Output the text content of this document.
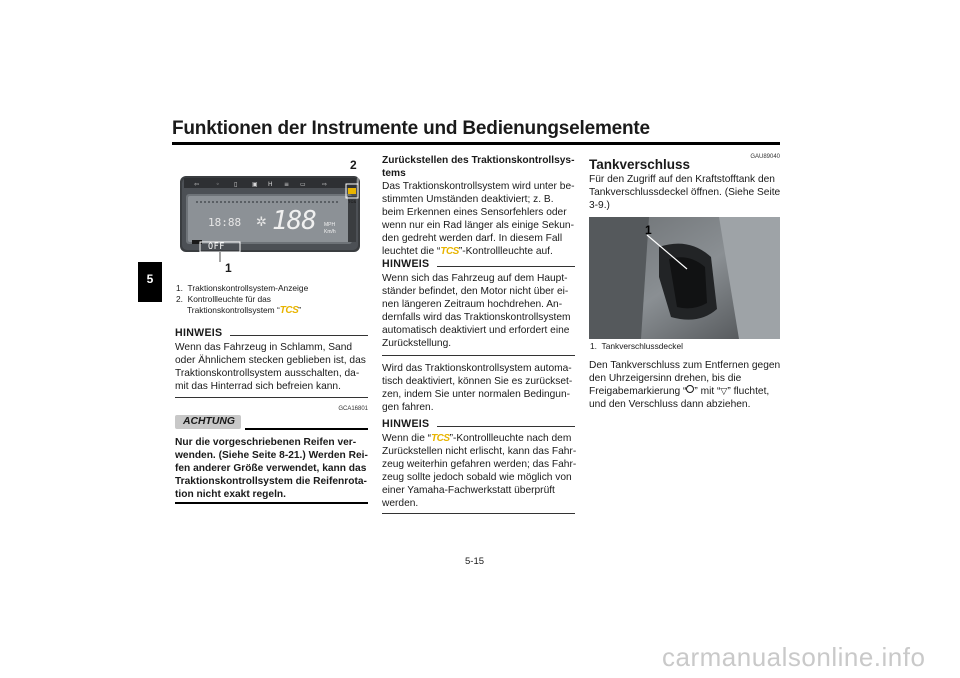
Funktionen der Instrumente und Bedienungselemente
5
⇦	◦ ▯ ▣ H ≡ ▭	⇨
18:88 ✲ 188 MPH
Km/h
TCS
OFF
2
1
1. Traktionskontrollsystem-Anzeige
2. Kontrollleuchte für das
Traktionskontrollsystem “TCS”
HINWEIS
Wenn das Fahrzeug in Schlamm, Sand
oder Ähnlichem stecken geblieben ist, das
Traktionskontrollsystem ausschalten, da-
mit das Hinterrad sich befreien kann.
GCA16801
ACHTUNG
Nur die vorgeschriebenen Reifen ver-
wenden. (Siehe Seite 8-21.) Werden Rei-
fen anderer Größe verwendet, kann das
Traktionskontrollsystem die Reifenrota-
tion nicht exakt regeln.
Zurückstellen des Traktionskontrollsys-
tems
Das Traktionskontrollsystem wird unter be-
stimmten Umständen deaktiviert; z. B.
beim Erkennen eines Sensorfehlers oder
wenn nur ein Rad länger als einige Sekun-
den gedreht werden darf. In diesem Fall
leuchtet die “TCS”-Kontrollleuchte auf.
HINWEIS
Wenn sich das Fahrzeug auf dem Haupt-
ständer befindet, den Motor nicht über ei-
nen längeren Zeitraum hochdrehen. An-
dernfalls wird das Traktionskontrollsystem
automatisch deaktiviert und erfordert eine
Zurückstellung.
Wird das Traktionskontrollsystem automa-
tisch deaktiviert, können Sie es zurückset-
zen, indem Sie unter normalen Bedingun-
gen fahren.
HINWEIS
Wenn die “TCS”-Kontrollleuchte nach dem
Zurückstellen nicht erlischt, kann das Fahr-
zeug weiterhin gefahren werden; das Fahr-
zeug sollte jedoch sobald wie möglich von
einer Yamaha-Fachwerkstatt überprüft
werden.
GAU89040
Tankverschluss
Für den Zugriff auf den Kraftstofftank den
Tankverschlussdeckel öffnen. (Siehe Seite
3-9.)
1
1. Tankverschlussdeckel
Den Tankverschluss zum Entfernen gegen
den Uhrzeigersinn drehen, bis die
Freigabemarkierung “ ” mit “▽” fluchtet,
und den Verschluss dann abziehen.
5-15
carmanualsonline.info
